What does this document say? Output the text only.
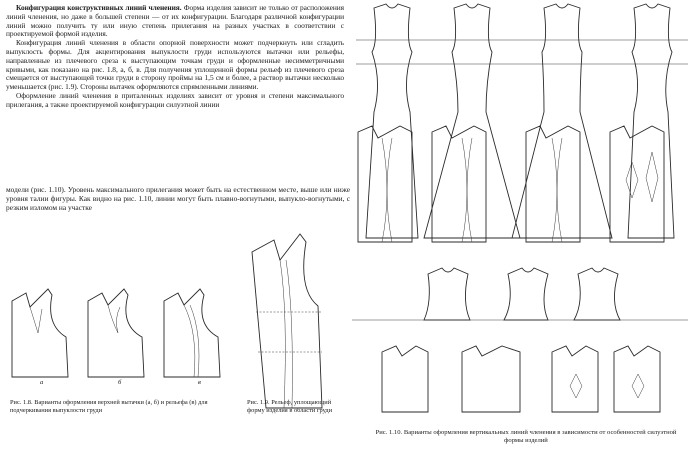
Конфигурация конструктивных линий членения. Форма изделия зависит не только от расположения линий членения, но даже в большей степени — от их конфигурации. Благодаря различной конфигурации линий можно получить ту или иную степень прилегания на разных участках в соответствии с проектируемой формой изделия.

Конфигурация линий членения в области опорной поверхности может подчеркнуть или сгладить выпуклость формы. Для акцентирования выпуклости груди используются вытачки или рельефы, направленные из плечевого среза к выступающим точкам груди и оформленные несимметричными кривыми, как показано на рис. 1.8, а, б, в. Для получения уплощенной формы рельеф из плечевого среза смещается от выступающей точки груди в сторону проймы на 1,5 см и более, а раствор вытачки несколько уменьшается (рис. 1.9). Стороны вытачек оформляются спрямленными линиями.

Оформление линий членения в приталенных изделиях зависит от уровня и степени максимального прилегания, а также проектируемой конфигурации силуэтной линии

модели (рис. 1.10). Уровень максимального прилегания может быть на естественном месте, выше или ниже уровня талии фигуры. Как видно на рис. 1.10, линии могут быть плавно-вогнутыми, выпукло-вогнутыми, с резким изломом на участке

а	б	в

Рис. 1.8. Варианты оформления верхней вытачки (а, б) и рельефа (в) для подчеркивания выпуклости груди

Рис. 1.9. Рельеф, уплощающий форму изделия в области груди

Рис. 1.10. Варианты оформления вертикальных линий членения в зависимости от особенностей силуэтной формы изделий
